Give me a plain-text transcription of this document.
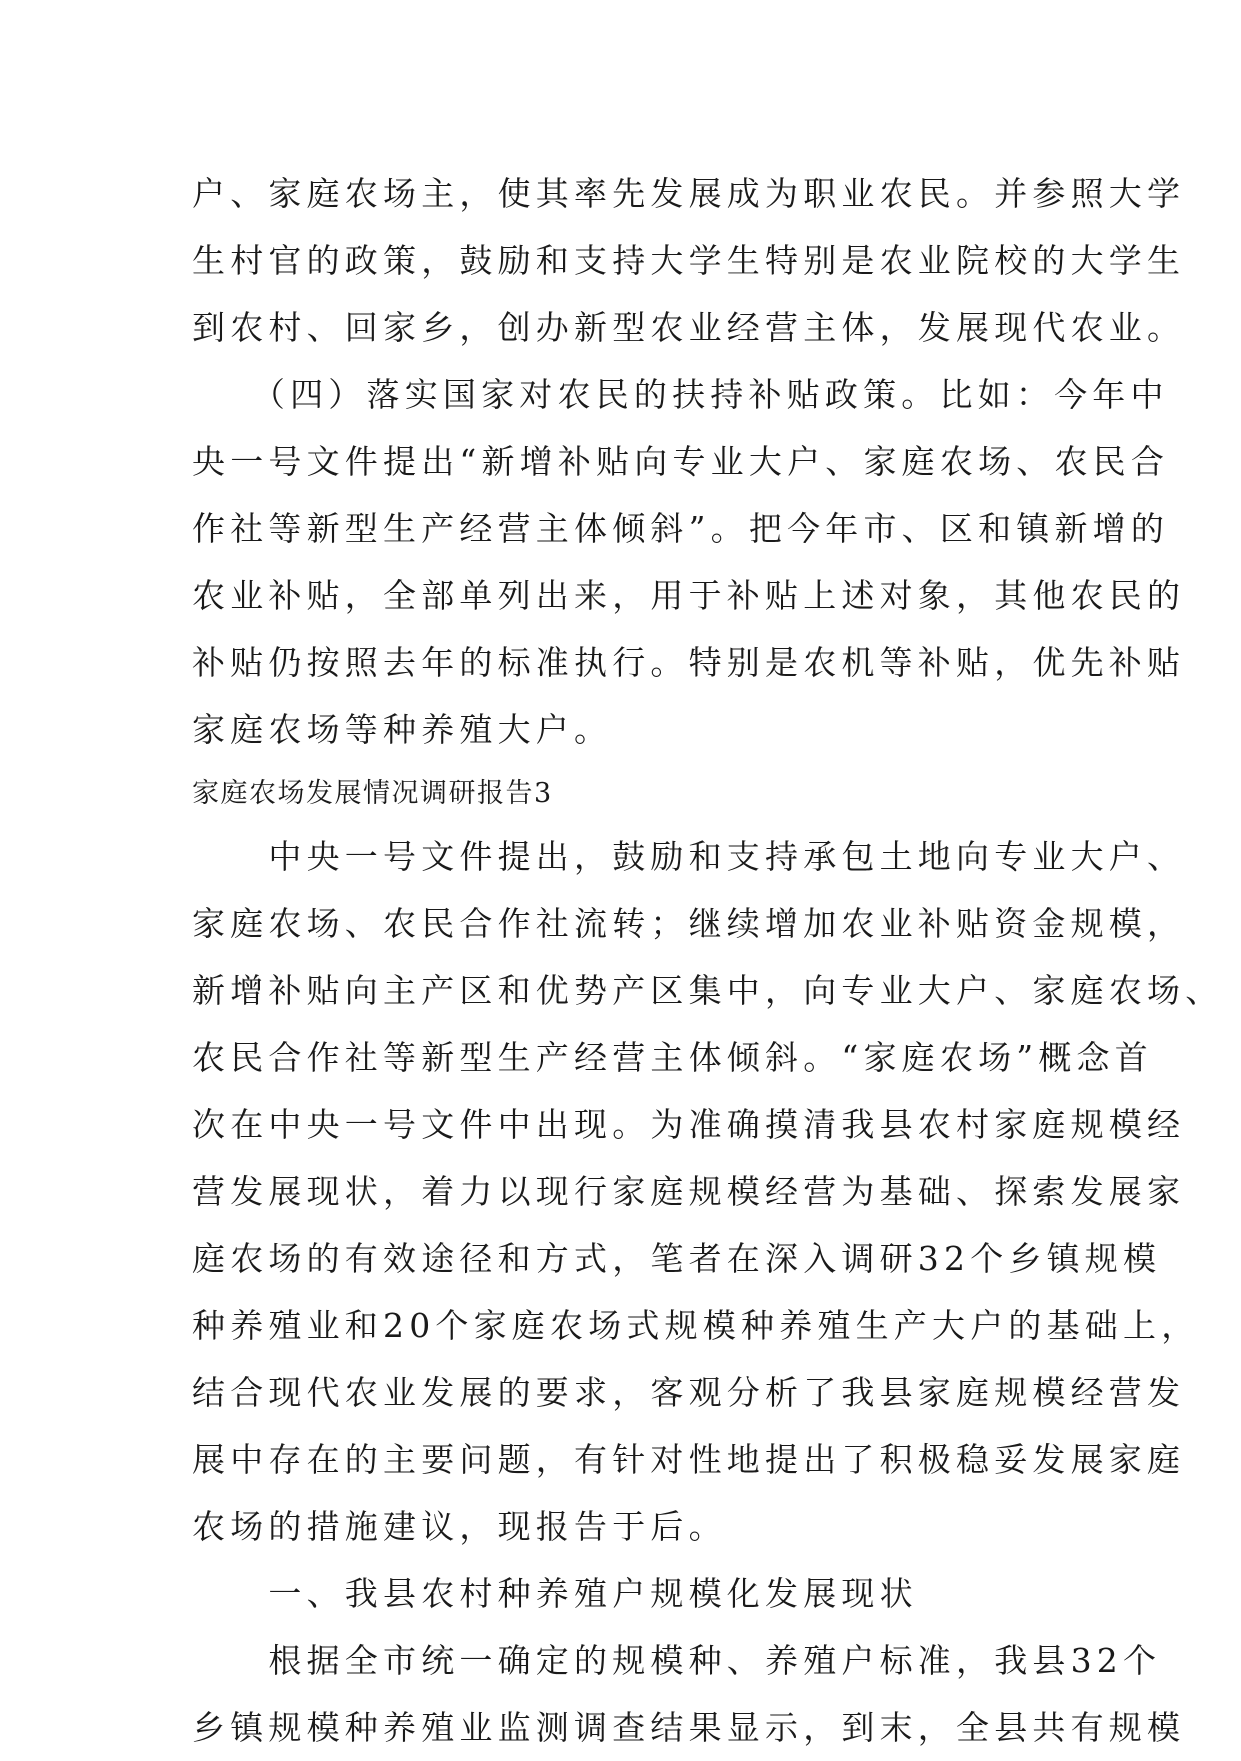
户、家庭农场主，使其率先发展成为职业农民。并参照大学
生村官的政策，鼓励和支持大学生特别是农业院校的大学生
到农村、回家乡，创办新型农业经营主体，发展现代农业。
　　（四）落实国家对农民的扶持补贴政策。比如：今年中
央一号文件提出“新增补贴向专业大户、家庭农场、农民合
作社等新型生产经营主体倾斜”。把今年市、区和镇新增的
农业补贴，全部单列出来，用于补贴上述对象，其他农民的
补贴仍按照去年的标准执行。特别是农机等补贴，优先补贴
家庭农场等种养殖大户。
家庭农场发展情况调研报告3
　　中央一号文件提出，鼓励和支持承包土地向专业大户、
家庭农场、农民合作社流转；继续增加农业补贴资金规模，
新增补贴向主产区和优势产区集中，向专业大户、家庭农场、
农民合作社等新型生产经营主体倾斜。“家庭农场”概念首
次在中央一号文件中出现。为准确摸清我县农村家庭规模经
营发展现状，着力以现行家庭规模经营为基础、探索发展家
庭农场的有效途径和方式，笔者在深入调研32个乡镇规模
种养殖业和20个家庭农场式规模种养殖生产大户的基础上，
结合现代农业发展的要求，客观分析了我县家庭规模经营发
展中存在的主要问题，有针对性地提出了积极稳妥发展家庭
农场的措施建议，现报告于后。
　　一、我县农村种养殖户规模化发展现状
　　根据全市统一确定的规模种、养殖户标准，我县32个
乡镇规模种养殖业监测调查结果显示，到末，全县共有规模
